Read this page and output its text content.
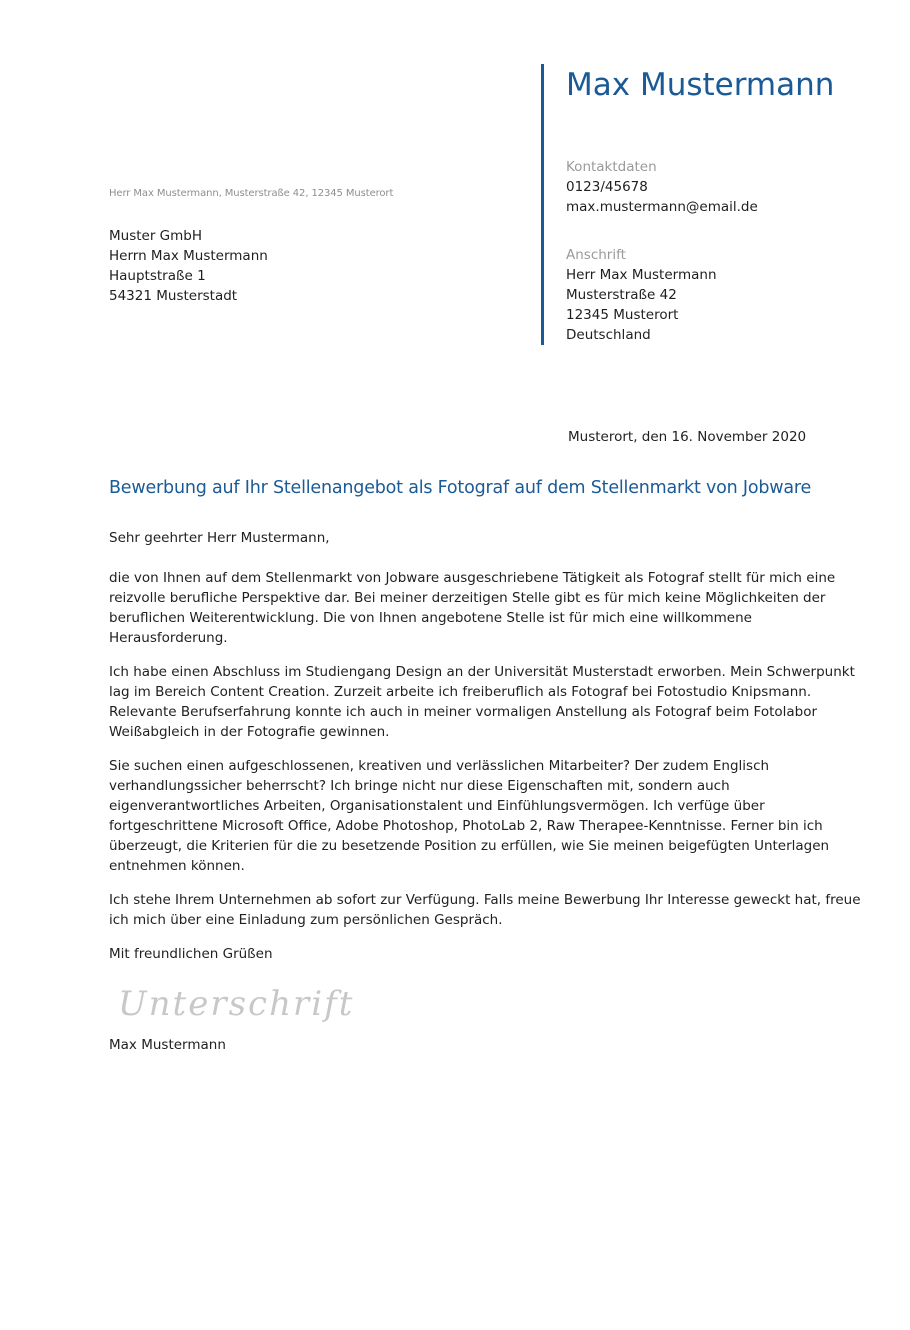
Max Mustermann
Kontaktdaten
0123/45678
max.mustermann@email.de
Anschrift
Herr Max Mustermann
Musterstraße 42
12345 Musterort
Deutschland
Herr Max Mustermann, Musterstraße 42, 12345 Musterort
Muster GmbH
Herrn Max Mustermann
Hauptstraße 1
54321 Musterstadt
Musterort, den 16. November 2020
Bewerbung auf Ihr Stellenangebot als Fotograf auf dem Stellenmarkt von Jobware
Sehr geehrter Herr Mustermann,
die von Ihnen auf dem Stellenmarkt von Jobware ausgeschriebene Tätigkeit als Fotograf stellt für mich eine
reizvolle berufliche Perspektive dar. Bei meiner derzeitigen Stelle gibt es für mich keine Möglichkeiten der
beruflichen Weiterentwicklung. Die von Ihnen angebotene Stelle ist für mich eine willkommene
Herausforderung.
Ich habe einen Abschluss im Studiengang Design an der Universität Musterstadt erworben. Mein Schwerpunkt
lag im Bereich Content Creation. Zurzeit arbeite ich freiberuflich als Fotograf bei Fotostudio Knipsmann.
Relevante Berufserfahrung konnte ich auch in meiner vormaligen Anstellung als Fotograf beim Fotolabor
Weißabgleich in der Fotografie gewinnen.
Sie suchen einen aufgeschlossenen, kreativen und verlässlichen Mitarbeiter? Der zudem Englisch
verhandlungssicher beherrscht? Ich bringe nicht nur diese Eigenschaften mit, sondern auch
eigenverantwortliches Arbeiten, Organisationstalent und Einfühlungsvermögen. Ich verfüge über
fortgeschrittene Microsoft Office, Adobe Photoshop, PhotoLab 2, Raw Therapee-Kenntnisse. Ferner bin ich
überzeugt, die Kriterien für die zu besetzende Position zu erfüllen, wie Sie meinen beigefügten Unterlagen
entnehmen können.
Ich stehe Ihrem Unternehmen ab sofort zur Verfügung. Falls meine Bewerbung Ihr Interesse geweckt hat, freue
ich mich über eine Einladung zum persönlichen Gespräch.
Mit freundlichen Grüßen
Unterschrift
Max Mustermann
